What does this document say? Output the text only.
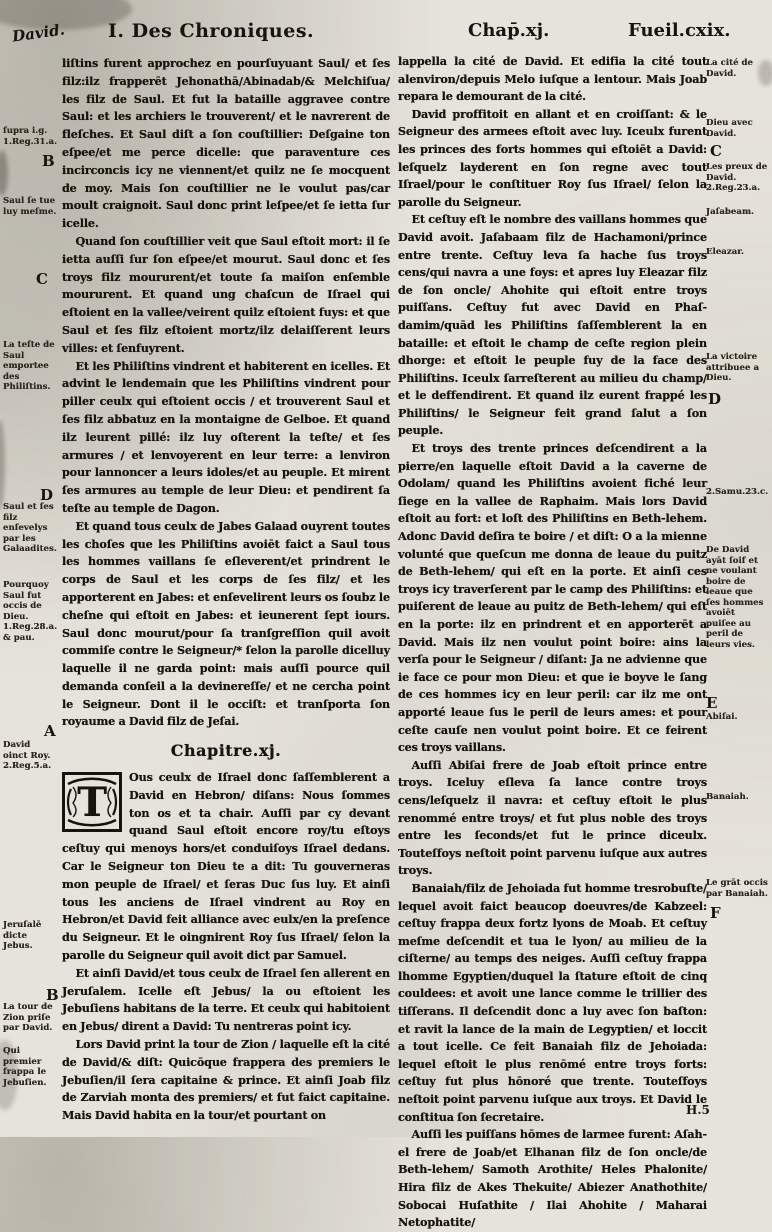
David. I. Des Chroniques.	Chap̄.xj.	Fueil.cxix.

liſtins furent approchez en pourſuyuant Saul/ et ſes filz:ilz frapperēt Jehonathā/Abinadab/& Melchiſua/ les filz de Saul. Et fut la bataille aggravee contre Saul: et les archiers le trouverent/ et le navrerent de fleſches. Et Saul diſt a ſon couſtillier: Deſgaine ton eſpee/et me perce dicelle: que paraventure ces incirconcis icy ne viennent/et quilz ne ſe mocquent de moy. Mais ſon couſtillier ne le voulut pas/car moult craignoit. Saul donc print leſpee/et ſe ietta ſur icelle.

Quand ſon couſtillier veit que Saul eſtoit mort: il ſe ietta auſſi ſur ſon eſpee/et mourut. Saul donc et ſes troys filz moururent/et toute ſa maiſon enſemble moururent. Et quand ung chaſcun de Iſrael qui eſtoient en la vallee/veirent quilz eſtoient fuys: et que Saul et ſes filz eſtoient mortz/ilz delaiſſerent leurs villes: et ſenfuyrent.

Et les Philiſtins vindrent et habiterent en icelles. Et advint le lendemain que les Philiſtins vindrent pour piller ceulx qui eſtoient occis / et trouverent Saul et ſes filz abbatuz en la montaigne de Gelboe. Et quand ilz leurent pillé: ilz luy oſterent la teſte/ et ſes armures / et lenvoyerent en leur terre: a lenviron pour lannoncer a leurs idoles/et au peuple. Et mirent ſes armures au temple de leur Dieu: et pendirent ſa teſte au temple de Dagon.

Et quand tous ceulx de Jabes Galaad ouyrent toutes les choſes que les Philiſtins avoiēt faict a Saul tous les hommes vaillans ſe eſleverent/et prindrent le corps de Saul et les corps de ſes filz/ et les apporterent en Jabes: et enſevelirent leurs os ſoubz le cheſne qui eſtoit en Jabes: et ieunerent ſept iours. Saul donc mourut/pour ſa tranſgreſſion quil avoit commiſe contre le Seigneur/* ſelon la parolle dicelluy laquelle il ne garda point: mais auſſi pource quil demanda conſeil a la devinereſſe/ et ne cercha point le Seigneur. Dont il le occiſt: et tranſporta ſon royaume a David filz de Jeſai.

Chapitre.xj.

T
Ous ceulx de Iſrael donc ſaſſemblerent a David en Hebron/ diſans: Nous ſommes ton os et ta chair. Auſſi par cy devant quand Saul eſtoit encore roy/tu eſtoys ceſtuy qui menoys hors/et conduiſoys Iſrael dedans. Car le Seigneur ton Dieu te a dit: Tu gouverneras mon peuple de Iſrael/ et ſeras Duc ſus luy. Et ainſi tous les anciens de Iſrael vindrent au Roy en Hebron/et David feit alliance avec eulx/en la preſence du Seigneur. Et le oingnirent Roy ſus Iſrael/ ſelon la parolle du Seigneur quil avoit dict par Samuel.

Et ainſi David/et tous ceulx de Iſrael ſen allerent en Jeruſalem. Icelle eſt Jebus/ la ou eſtoient les Jebuſiens habitans de la terre. Et ceulx qui habitoient en Jebus/ dirent a David: Tu nentreras point icy.

Lors David print la tour de Zion / laquelle eſt la cité de David/& diſt: Quicōque frappera des premiers le Jebuſien/il ſera capitaine & prince. Et ainſi Joab filz de Zarviah monta des premiers/ et fut faict capitaine. Mais David habita en la tour/et pourtant on

lappella la cité de David. Et edifia la cité tout alenviron/depuis Melo iuſque a lentour. Mais Joab repara le demourant de la cité.

David proffitoit en allant et en croiſſant: & le Seigneur des armees eſtoit avec luy. Iceulx furent les princes des forts hommes qui eſtoiēt a David: leſquelz layderent en ſon regne avec tout Iſrael/pour le conſtituer Roy ſus Iſrael/ ſelon la parolle du Seigneur.

Et ceſtuy eſt le nombre des vaillans hommes que David avoit. Jaſabaam filz de Hachamoni/prince entre trente. Ceſtuy leva ſa hache ſus troys cens/qui navra a une foys: et apres luy Eleazar filz de ſon oncle/ Ahohite qui eſtoit entre troys puiſſans. Ceſtuy fut avec David en Phaſ-damim/quād les Philiſtins ſaſſemblerent la en bataille: et eſtoit le champ de ceſte region plein dhorge: et eſtoit le peuple fuy de la face des Philiſtins. Iceulx ſarreſterent au milieu du champ/ et le deffendirent. Et quand ilz eurent frappé les Philiſtins/ le Seigneur feit grand ſalut a ſon peuple.

Et troys des trente princes deſcendirent a la pierre/en laquelle eſtoit David a la caverne de Odolam/ quand les Philiſtins avoient fiché leur ſiege en la vallee de Raphaim. Mais lors David eſtoit au fort: et loſt des Philiſtins en Beth-lehem. Adonc David deſira te boire / et diſt: O a la mienne volunté que queſcun me donna de leaue du puitz de Beth-lehem/ qui eſt en la porte. Et ainſi ces troys icy traverſerent par le camp des Philiſtins: et puiſerent de leaue au puitz de Beth-lehem/ qui eſt en la porte: ilz en prindrent et en apporterēt a David. Mais ilz nen voulut point boire: ains la verſa pour le Seigneur / diſant: Ja ne advienne que ie face ce pour mon Dieu: et que ie boyve le ſang de ces hommes icy en leur peril: car ilz me ont apporté leaue ſus le peril de leurs ames: et pour ceſte cauſe nen voulut point boire. Et ce feirent ces troys vaillans.

Auſſi Abiſai frere de Joab eſtoit prince entre troys. Iceluy eſleva ſa lance contre troys cens/leſquelz il navra: et ceſtuy eſtoit le plus renommé entre troys/ et fut plus noble des troys entre les ſeconds/et fut le prince diceulx. Touteſfoys neſtoit point parvenu iuſque aux autres troys.

Banaiah/filz de Jehoiada fut homme tresrobuſte/ lequel avoit faict beaucop doeuvres/de Kabzeel: ceſtuy frappa deux fortz lyons de Moab. Et ceſtuy meſme deſcendit et tua le lyon/ au milieu de la ciſterne/ au temps des neiges. Auſſi ceſtuy frappa lhomme Egyptien/duquel la ſtature eſtoit de cinq couldees: et avoit une lance comme le trillier des tiſſerans. Il deſcendit donc a luy avec ſon baſton: et ravit la lance de la main de Legyptien/ et loccit a tout icelle. Ce feit Banaiah filz de Jehoiada: lequel eſtoit le plus renōmé entre troys forts: ceſtuy fut plus hōnoré que trente. Touteſfoys neſtoit point parvenu iuſque aux troys. Et David le conſtitua ſon ſecretaire.

Auſſi les puiſſans hōmes de larmee furent: Aſah-el frere de Joab/et Elhanan filz de ſon oncle/de Beth-lehem/ Samoth Arothite/ Heles Phalonite/ Hira filz de Akes Thekuite/ Abiezer Anathothite/ Sobocai Huſathite / Ilai Ahohite / Maharai Netophatite/

ſupra i.g. 1.Reg.31.a.
B
Saul ſe tue luy meſme.
C
La teſte de Saul emportee des Philiſtins.
D
Saul et ſes filz enſevelys par les Galaadites.
Pourquoy Saul fut occis de Dieu. 1.Reg.28.a. & pau.
A
David oinct Roy. 2.Reg.5.a.
Jeruſalē dicte Jebus.
B
La tour de Zion priſe par David.
Qui premier frappa le Jebuſien.
La cité de David.
Dieu avec David.
C
Les preux de David. 2.Reg.23.a.
Jaſabeam.
Eleazar.
La victoire attribuee a Dieu.
D
2.Samu.23.c.
De David ayāt ſoif et ne voulant boire de leaue que ſes hommes avoiēt puiſee au peril de leurs vies.
E
Abiſai.
Banaiah.
Le grāt occis par Banaiah.
F
H.5
